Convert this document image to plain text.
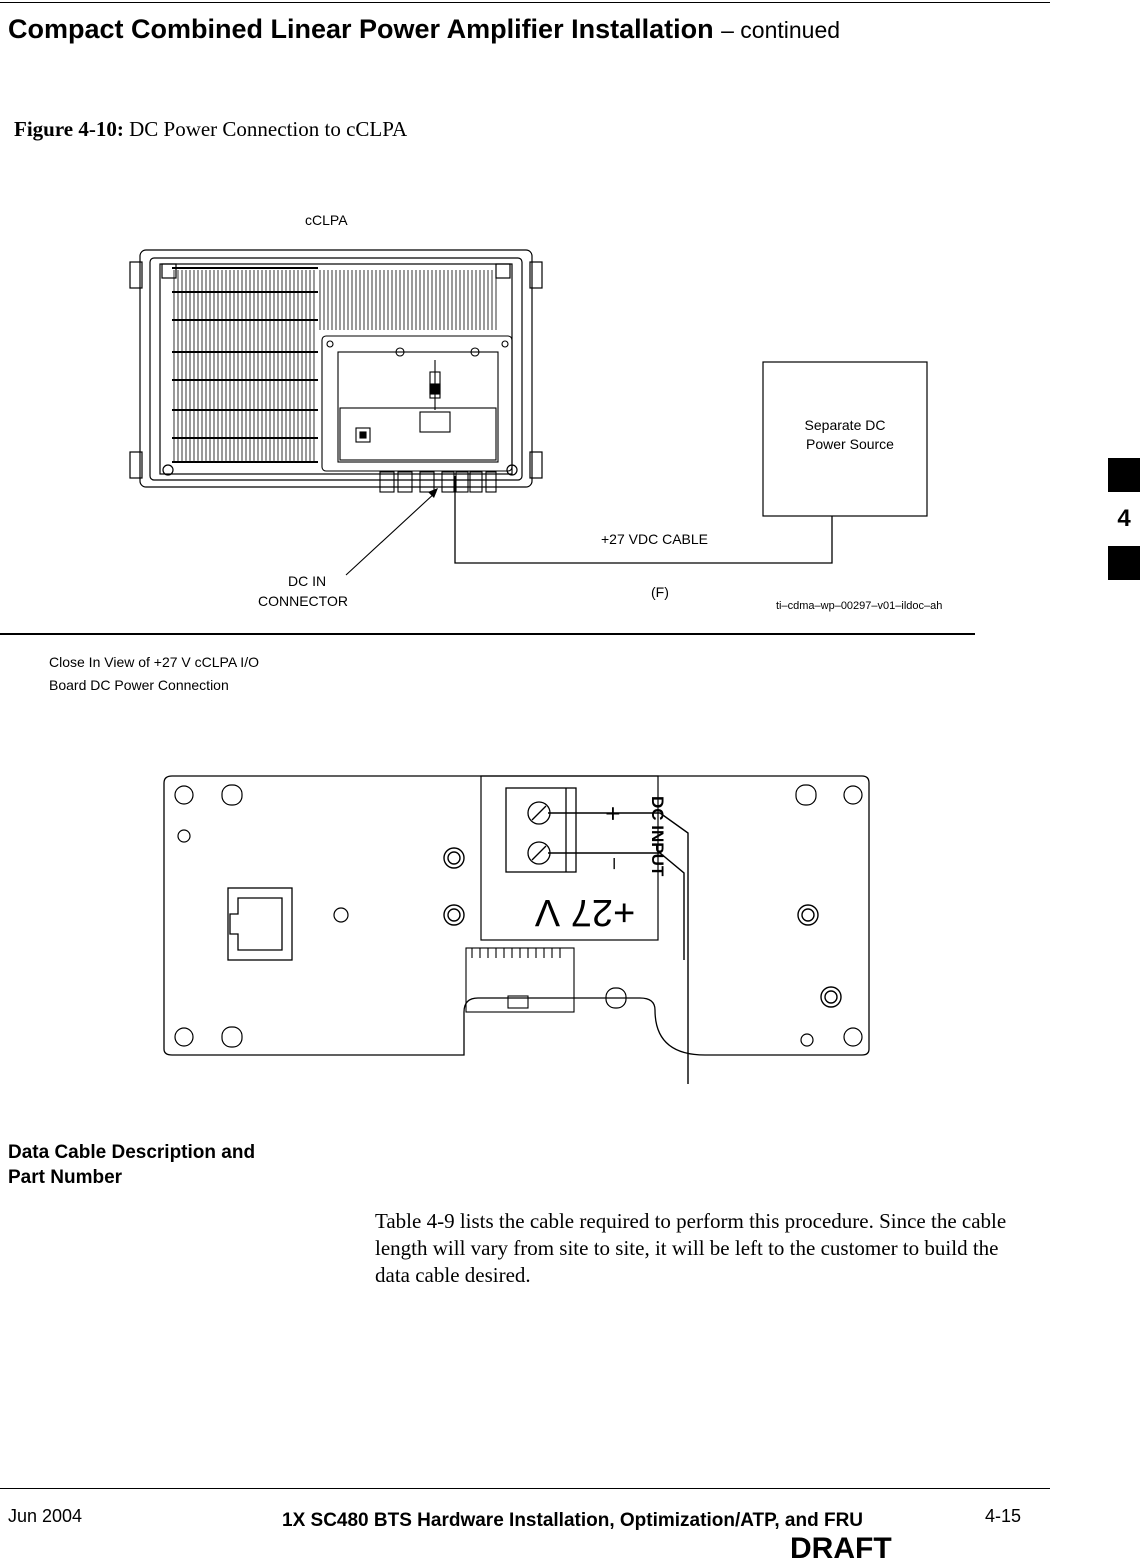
Compact Combined Linear Power Amplifier Installation – continued
Figure 4-10: DC Power Connection to cCLPA
cCLPA
Separate DC
Power Source
+27 VDC CABLE
(F)
DC IN
CONNECTOR	ti–cdma–wp–00297–v01–ildoc–ah
Close In View of +27 V cCLPA I/O
Board DC Power Connection
+27 V
DC INPUT
+
–
Data Cable Description and
Part Number
Table 4-9 lists the cable required to perform this procedure. Since the cable length will vary from site to site, it will be left to the customer to build the data cable desired.
4
Jun 2004	1X SC480 BTS Hardware Installation, Optimization/ATP, and FRU	4-15
DRAFT
